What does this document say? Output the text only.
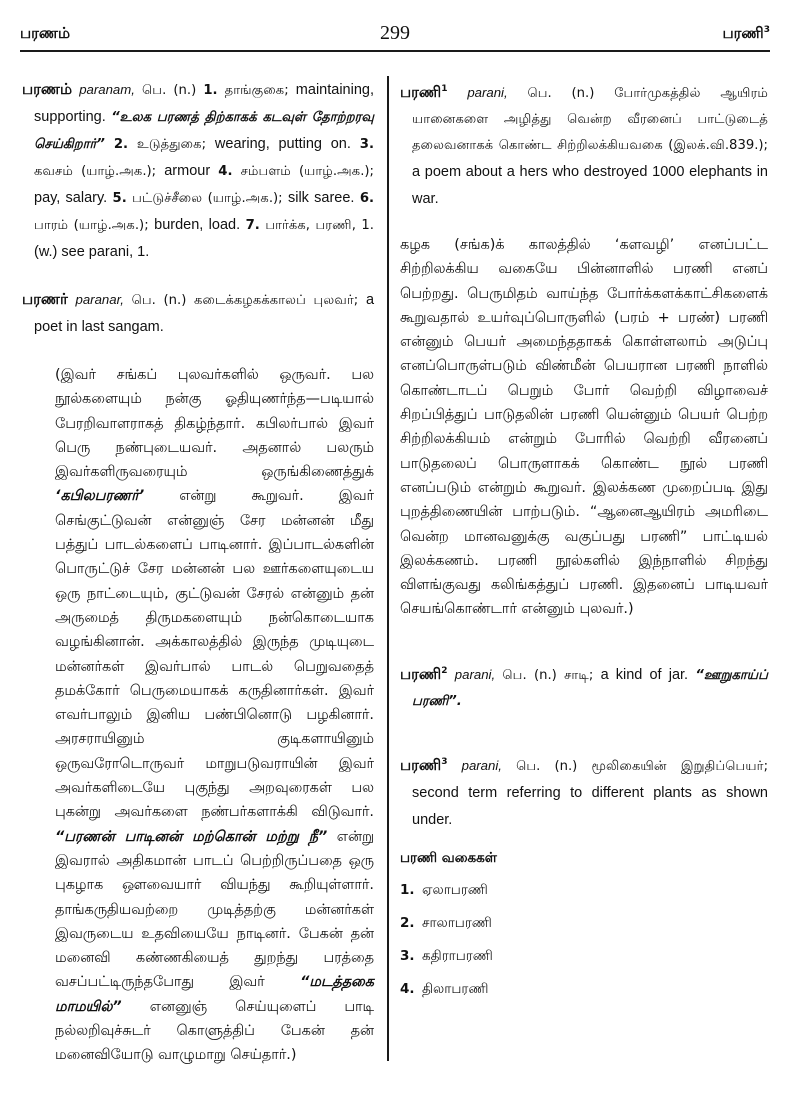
பரணம்	299	பரணி$^3$

பரணம் paranam, பெ. (n.) 1. தாங்குகை; maintaining, supporting. “உலக பரணத் திற்காகக் கடவுள் தோற்றரவு செய்கிறார்” 2. உடுத்துகை; wearing, putting on. 3. கவசம் (யாழ்.அக.); armour 4. சம்பளம் (யாழ்.அக.); pay, salary. 5. பட்டுச்சீலை (யாழ்.அக.); silk saree. 6. பாரம் (யாழ்.அக.); burden, load. 7. பார்க்க, பரணி, 1. (w.) see parani, 1.

பரணர் paranar, பெ. (n.) கடைக்கழகக்காலப் புலவர்; a poet in last sangam.

(இவர் சங்கப் புலவர்களில் ஒருவர். பல நூல்களையும் நன்கு ஓதியுணர்ந்த—படியால் பேரறிவாளராகத் திகழ்ந்தார். கபிலர்பால் இவர் பெரு நண்புடையவர். அதனால் பலரும் இவர்களிருவரையும் ஒருங்கிணைத்துக் ‘கபிலபரணர்’ என்று கூறுவர். இவர் செங்குட்டுவன் என்னுஞ் சேர மன்னன் மீது பத்துப் பாடல்களைப் பாடினார். இப்பாடல்களின் பொருட்டுச் சேர மன்னன் பல ஊர்களையுடைய ஒரு நாட்டையும், குட்டுவன் சேரல் என்னும் தன் அருமைத் திருமகளையும் நன்கொடையாக வழங்கினான். அக்காலத்தில் இருந்த முடியுடை மன்னர்கள் இவர்பால் பாடல் பெறுவதைத் தமக்கோர் பெருமையாகக் கருதினார்கள். இவர் எவர்பாலும் இனிய பண்பினொடு பழகினார். அரசராயினும் குடிகளாயினும் ஒருவரோடொருவர் மாறுபடுவராயின் இவர் அவர்களிடையே புகுந்து அறவுரைகள் பல புகன்று அவர்களை நண்பர்களாக்கி விடுவார். “பரணன் பாடினன் மற்கொன் மற்று நீ” என்று இவரால் அதிகமான் பாடப் பெற்றிருப்பதை ஒரு புகழாக ஔவையார் வியந்து கூறியுள்ளார். தாங்கருதியவற்றை முடித்தற்கு மன்னர்கள் இவருடைய உதவியையே நாடினர். பேகன் தன் மனைவி கண்ணகியைத் துறந்து பரத்தை வசப்பட்டிருந்தபோது இவர் “மடத்தகை மாமயில்” எனனுஞ் செய்யுளைப் பாடி நல்லறிவுச்சுடர் கொளுத்திப் பேகன் தன் மனைவியோடு வாழுமாறு செய்தார்.)

பரணி$^1$ parani, பெ. (n.) போர்முகத்தில் ஆயிரம் யானைகளை அழித்து வென்ற வீரனைப் பாட்டுடைத் தலைவனாகக் கொண்ட சிற்றிலக்கியவகை (இலக்.வி.839.); a poem about a hers who destroyed 1000 elephants in war.

கழக (சங்க)க் காலத்தில் ‘களவழி’ எனப்பட்ட சிற்றிலக்கிய வகையே பின்னாளில் பரணி எனப் பெற்றது. பெருமிதம் வாய்ந்த போர்க்களக்காட்சிகளைக் கூறுவதால் உயர்வுப்பொருளில் (பரம் + பரண்) பரணி என்னும் பெயர் அமைந்ததாகக் கொள்ளலாம் அடுப்பு எனப்பொருள்படும் விண்மீன் பெயரான பரணி நாளில் கொண்டாடப் பெறும் போர் வெற்றி விழாவைச் சிறப்பித்துப் பாடுதலின் பரணி யென்னும் பெயர் பெற்ற சிற்றிலக்கியம் என்றும் போரில் வெற்றி வீரனைப் பாடுதலைப் பொருளாகக் கொண்ட நூல் பரணி எனப்படும் என்றும் கூறுவர். இலக்கண முறைப்படி இது புறத்திணையின் பாற்படும். “ஆனைஆயிரம் அமரிடை வென்ற மானவனுக்கு வகுப்பது பரணி” பாட்டியல் இலக்கணம். பரணி நூல்களில் இந்நாளில் சிறந்து விளங்குவது கலிங்கத்துப் பரணி. இதனைப் பாடியவர் செயங்கொண்டார் என்னும் புலவர்.)

பரணி$^2$ parani, பெ. (n.) சாடி; a kind of jar. “ஊறுகாய்ப் பரணி”.

பரணி$^3$ parani, பெ. (n.) மூலிகையின் இறுதிப்பெயர்; second term referring to different plants as shown under.

பரணி வகைகள்
1. ஏலாபரணி
2. சாலாபரணி
3. கதிராபரணி
4. திலாபரணி
